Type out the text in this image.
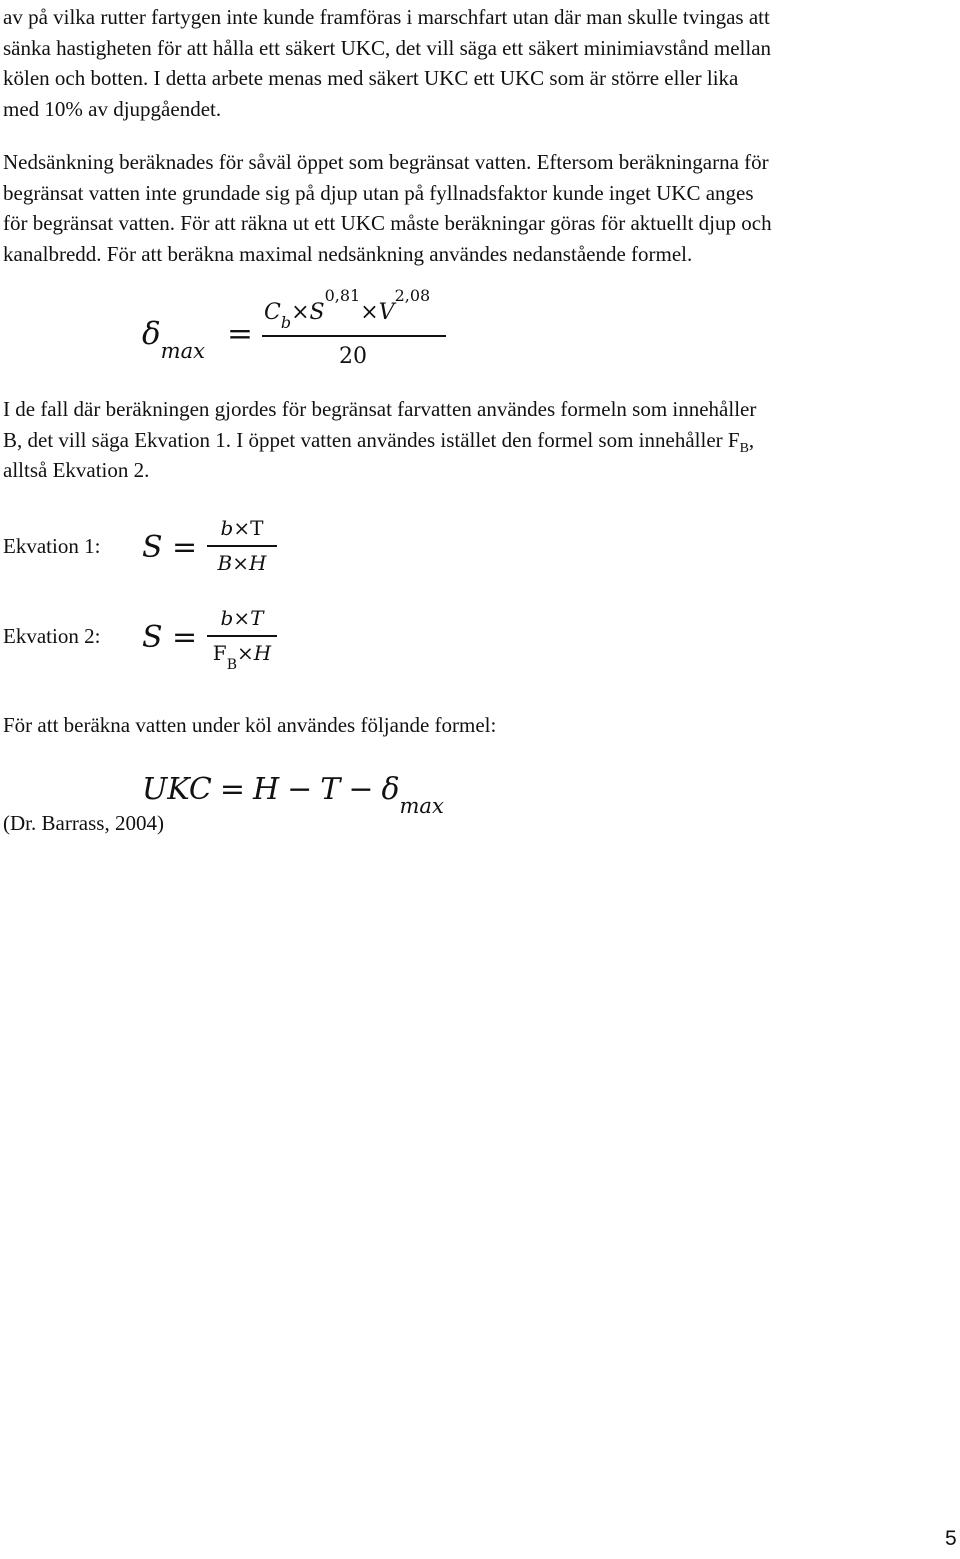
av på vilka rutter fartygen inte kunde framföras i marschfart utan där man skulle tvingas att
sänka hastigheten för att hålla ett säkert UKC, det vill säga ett säkert minimiavstånd mellan
kölen och botten. I detta arbete menas med säkert UKC ett UKC som är större eller lika
med 10% av djupgåendet.

Nedsänkning beräknades för såväl öppet som begränsat vatten. Eftersom beräkningarna för
begränsat vatten inte grundade sig på djup utan på fyllnadsfaktor kunde inget UKC anges
för begränsat vatten. För att räkna ut ett UKC måste beräkningar göras för aktuellt djup och
kanalbredd. För att beräkna maximal nedsänkning användes nedanstående formel.

$\delta_{max}$ =
$C_b\times S^{0,81}\times V^{2,08}$
20

I de fall där beräkningen gjordes för begränsat farvatten användes formeln som innehåller
B, det vill säga Ekvation 1. I öppet vatten användes istället den formel som innehåller $F_B$,
alltså Ekvation 2.

Ekvation 1: S =
b×T
B×H
Ekvation 2: S =
b×T
$F_B\times H$

För att beräkna vatten under köl användes följande formel:

UKC = $H - T - \delta_{max}$
(Dr. Barrass, 2004)
5
